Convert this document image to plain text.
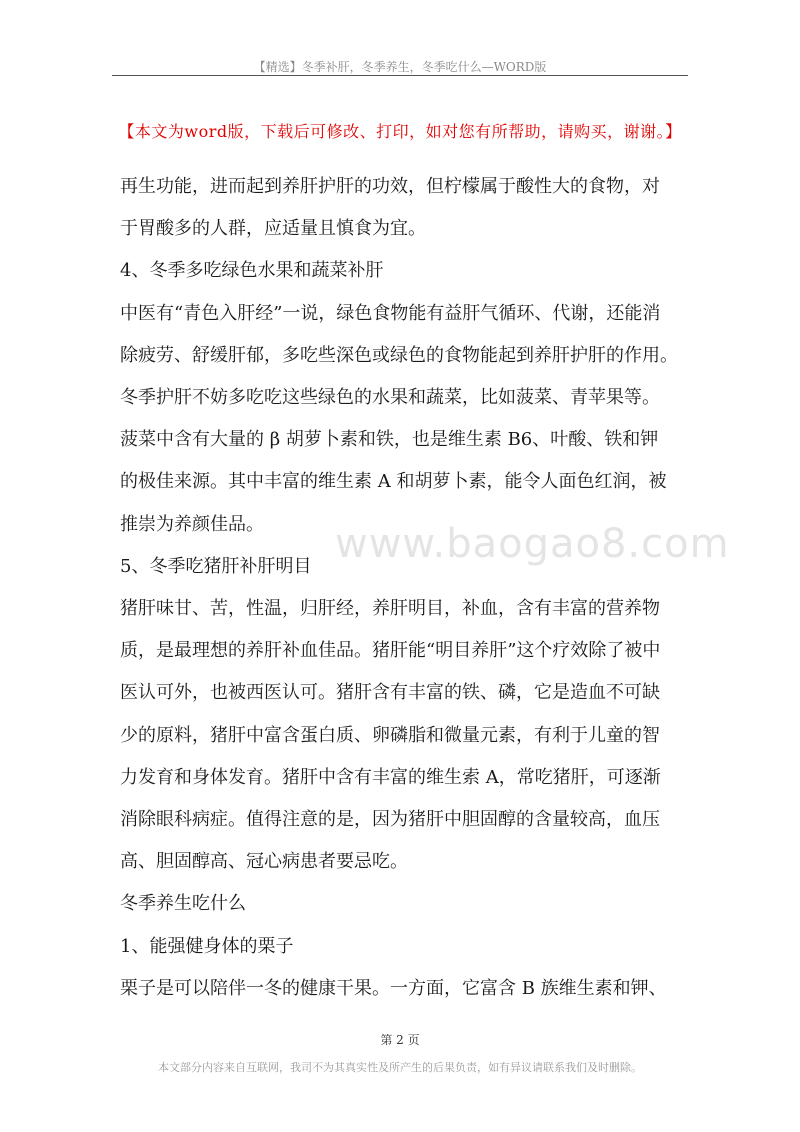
【精选】冬季补肝，冬季养生，冬季吃什么—WORD版
【本文为word版，下载后可修改、打印，如对您有所帮助，请购买，谢谢。】
www.baogao8.com

再生功能，进而起到养肝护肝的功效，但柠檬属于酸性大的食物，对

于胃酸多的人群，应适量且慎食为宜。

4、冬季多吃绿色水果和蔬菜补肝

中医有“青色入肝经”一说，绿色食物能有益肝气循环、代谢，还能消

除疲劳、舒缓肝郁，多吃些深色或绿色的食物能起到养肝护肝的作用。

冬季护肝不妨多吃吃这些绿色的水果和蔬菜，比如菠菜、青苹果等。

菠菜中含有大量的 β 胡萝卜素和铁，也是维生素 B6、叶酸、铁和钾

的极佳来源。其中丰富的维生素 A 和胡萝卜素，能令人面色红润，被

推崇为养颜佳品。

5、冬季吃猪肝补肝明目

猪肝味甘、苦，性温，归肝经，养肝明目，补血，含有丰富的营养物

质，是最理想的养肝补血佳品。猪肝能“明目养肝”这个疗效除了被中

医认可外，也被西医认可。猪肝含有丰富的铁、磷，它是造血不可缺

少的原料，猪肝中富含蛋白质、卵磷脂和微量元素，有利于儿童的智

力发育和身体发育。猪肝中含有丰富的维生索 A，常吃猪肝，可逐渐

消除眼科病症。值得注意的是，因为猪肝中胆固醇的含量较高，血压

高、胆固醇高、冠心病患者要忌吃。

冬季养生吃什么

1、能强健身体的栗子

栗子是可以陪伴一冬的健康干果。一方面，它富含 B 族维生素和钾、

第 2 页
本文部分内容来自互联网，我司不为其真实性及所产生的后果负责，如有异议请联系我们及时删除。
